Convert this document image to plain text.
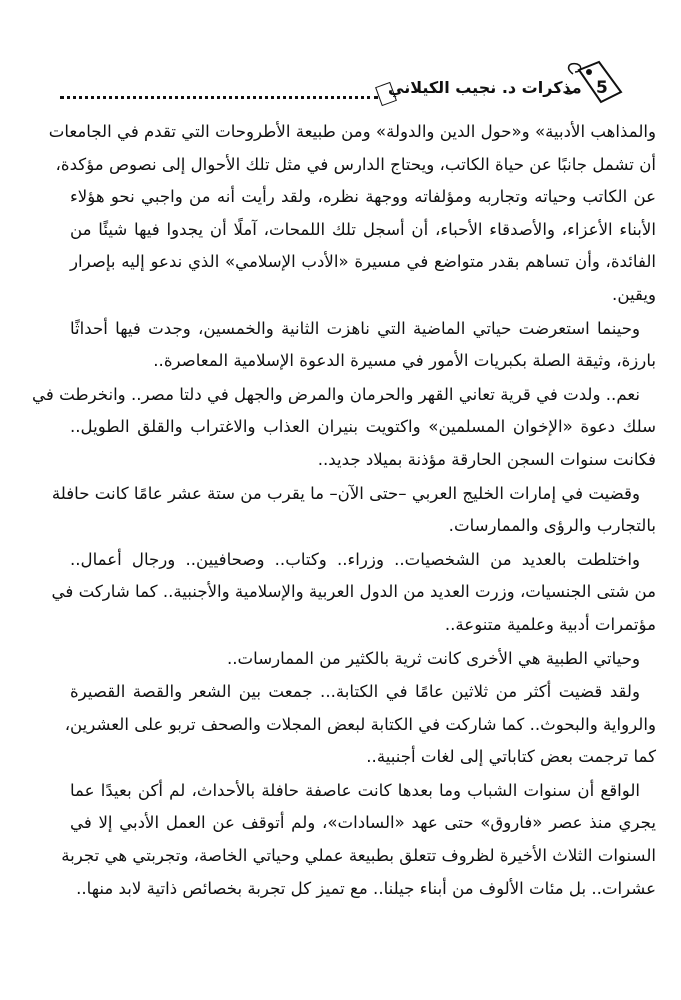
مذكرات د. نجيب الكيلاني 5
والمذاهب الأدبية» و«حول الدين والدولة» ومن طبيعة الأطروحات التي تقدم في الجامعات
أن تشمل جانبًا عن حياة الكاتب، ويحتاج الدارس في مثل تلك الأحوال إلى نصوص مؤكدة،
عن الكاتب وحياته وتجاربه ومؤلفاته ووجهة نظره، ولقد رأيت أنه من واجبي نحو هؤلاء
الأبناء الأعزاء، والأصدقاء الأحباء، أن أسجل تلك اللمحات، آملًا أن يجدوا فيها شيئًا من
الفائدة، وأن تساهم بقدر متواضع في مسيرة «الأدب الإسلامي» الذي ندعو إليه بإصرار
ويقين.
وحينما استعرضت حياتي الماضية التي ناهزت الثانية والخمسين، وجدت فيها أحداثًا
بارزة، وثيقة الصلة بكبريات الأمور في مسيرة الدعوة الإسلامية المعاصرة..
نعم.. ولدت في قرية تعاني القهر والحرمان والمرض والجهل في دلتا مصر.. وانخرطت في
سلك دعوة «الإخوان المسلمين» واكتويت بنيران العذاب والاغتراب والقلق الطويل..
فكانت سنوات السجن الحارقة مؤذنة بميلاد جديد..
وقضيت في إمارات الخليج العربي –حتى الآن– ما يقرب من ستة عشر عامًا كانت حافلة
بالتجارب والرؤى والممارسات.
واختلطت بالعديد من الشخصيات.. وزراء.. وكتاب.. وصحافيين.. ورجال أعمال..
من شتى الجنسيات، وزرت العديد من الدول العربية والإسلامية والأجنبية.. كما شاركت في
مؤتمرات أدبية وعلمية متنوعة..
وحياتي الطبية هي الأخرى كانت ثرية بالكثير من الممارسات..
ولقد قضيت أكثر من ثلاثين عامًا في الكتابة... جمعت بين الشعر والقصة القصيرة
والرواية والبحوث.. كما شاركت في الكتابة لبعض المجلات والصحف تربو على العشرين،
كما ترجمت بعض كتاباتي إلى لغات أجنبية..
الواقع أن سنوات الشباب وما بعدها كانت عاصفة حافلة بالأحداث، لم أكن بعيدًا عما
يجري منذ عصر «فاروق» حتى عهد «السادات»، ولم أتوقف عن العمل الأدبي إلا في
السنوات الثلاث الأخيرة لظروف تتعلق بطبيعة عملي وحياتي الخاصة، وتجربتي هي تجربة
عشرات.. بل مئات الألوف من أبناء جيلنا.. مع تميز كل تجربة بخصائص ذاتية لابد منها..
